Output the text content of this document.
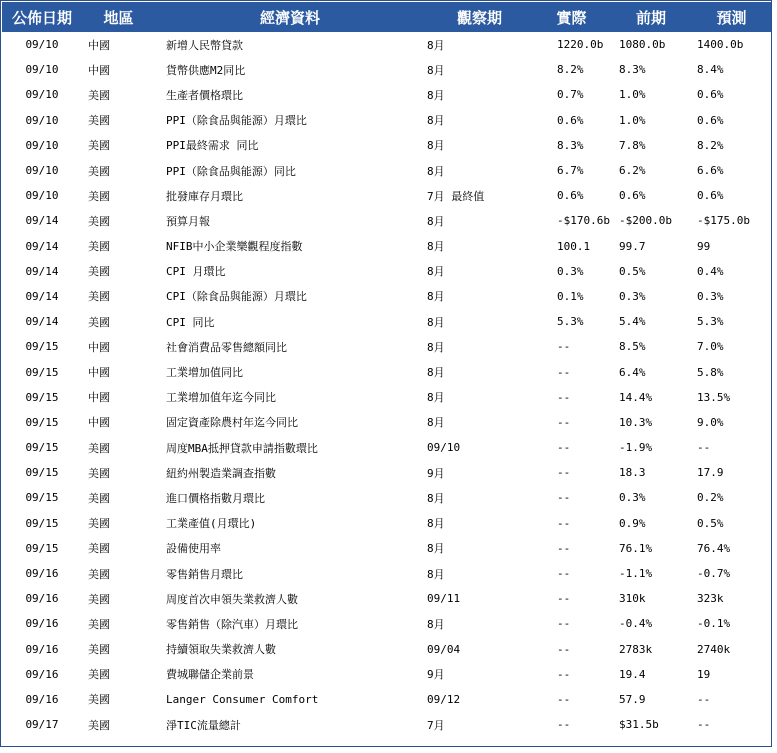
公佈日期	地區	經濟資料	觀察期	實際	前期	預測
09/10	中國	新增人民幣貸款	8月	1220.0b	1080.0b	1400.0b
09/10	中國	貨幣供應M2同比	8月	8.2%	8.3%	8.4%
09/10	美國	生產者價格環比	8月	0.7%	1.0%	0.6%
09/10	美國	PPI（除食品與能源）月環比	8月	0.6%	1.0%	0.6%
09/10	美國	PPI最終需求 同比	8月	8.3%	7.8%	8.2%
09/10	美國	PPI（除食品與能源）同比	8月	6.7%	6.2%	6.6%
09/10	美國	批發庫存月環比	7月 最終值	0.6%	0.6%	0.6%
09/14	美國	預算月報	8月	-$170.6b	-$200.0b	-$175.0b
09/14	美國	NFIB中小企業樂觀程度指數	8月	100.1	99.7	99
09/14	美國	CPI 月環比	8月	0.3%	0.5%	0.4%
09/14	美國	CPI（除食品與能源）月環比	8月	0.1%	0.3%	0.3%
09/14	美國	CPI 同比	8月	5.3%	5.4%	5.3%
09/15	中國	社會消費品零售總額同比	8月	--	8.5%	7.0%
09/15	中國	工業增加值同比	8月	--	6.4%	5.8%
09/15	中國	工業增加值年迄今同比	8月	--	14.4%	13.5%
09/15	中國	固定資產除農村年迄今同比	8月	--	10.3%	9.0%
09/15	美國	周度MBA抵押貸款申請指數環比	09/10	--	-1.9%	--
09/15	美國	紐約州製造業調查指數	9月	--	18.3	17.9
09/15	美國	進口價格指數月環比	8月	--	0.3%	0.2%
09/15	美國	工業產值(月環比)	8月	--	0.9%	0.5%
09/15	美國	設備使用率	8月	--	76.1%	76.4%
09/16	美國	零售銷售月環比	8月	--	-1.1%	-0.7%
09/16	美國	周度首次申領失業救濟人數	09/11	--	310k	323k
09/16	美國	零售銷售（除汽車）月環比	8月	--	-0.4%	-0.1%
09/16	美國	持續領取失業救濟人數	09/04	--	2783k	2740k
09/16	美國	費城聯儲企業前景	9月	--	19.4	19
09/16	美國	Langer Consumer Comfort	09/12	--	57.9	--
09/17	美國	淨TIC流量總計	7月	--	$31.5b	--
